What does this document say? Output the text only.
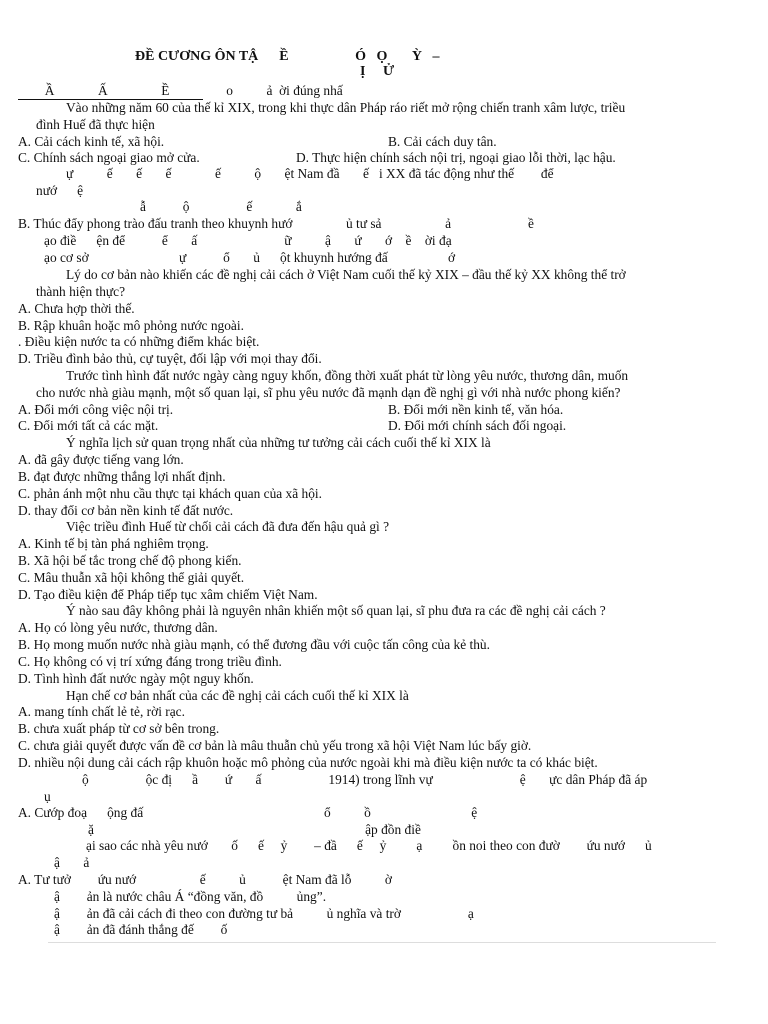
ĐỀ CƯƠNG ÔN TẬ      Ề                   Ó   Ọ       Ỳ   –
Ị     Ử
Ầ             Ấ                Ề                 o          ả  ời đúng nhấ
Vào những năm 60 của thế kỉ XIX, trong khi thực dân Pháp ráo riết mở rộng chiến tranh xâm lược, triều
đình Huế đã thực hiện
A. Cải cách kinh tế, xã hội.	B. Cải cách duy tân.
C. Chính sách ngoại giao mở cửa.	D. Thực hiện chính sách nội trị, ngoại giao lỗi thời, lạc hậu.
ự          ế       ế       ế             ế          ộ       ệt Nam đầ       ế   i XX đã tác động như thế        để
nướ      ệ
ẫ           ộ                 ế             ắ
B. Thúc đẩy phong trào đấu tranh theo khuynh hướ                ủ tư sả                   ả                       ề
ạo điề      ện để           ể       ấ                          ữ          ậ       ứ       ớ    ề    ời đạ
ạo cơ sở                           ự           ổ       ủ      ột khuynh hướng đấ                  ớ
Lý do cơ bản nào khiến các đề nghị cải cách ở Việt Nam cuối thế kỷ XIX – đầu thế kỷ XX không thể trở
thành hiện thực?
A. Chưa hợp thời thế.
B. Rập khuân hoặc mô phỏng nước ngoài.
. Điều kiện nước ta có những điểm khác biệt.
D. Triều đình bảo thủ, cự tuyệt, đối lập với mọi thay đổi.
Trước tình hình đất nước ngày càng nguy khốn, đồng thời xuất phát từ lòng yêu nước, thương dân, muốn
cho nước nhà giàu mạnh, một số quan lại, sĩ phu yêu nước đã mạnh dạn đề nghị gì với nhà nước phong kiến?
A. Đổi mới công việc nội trị.	B. Đổi mới nền kinh tế, văn hóa.
C. Đổi mới tất cả các mặt.	D. Đổi mới chính sách đối ngoại.
Ý nghĩa lịch sử quan trọng nhất của những tư tưởng cải cách cuối thế kỉ XIX là
A. đã gây được tiếng vang lớn.
B. đạt được những thắng lợi nhất định.
C. phản ánh một nhu cầu thực tại khách quan của xã hội.
D. thay đổi cơ bản nền kinh tế đất nước.
Việc triều đình Huế từ chối cải cách đã đưa đến hậu quả gì ?
A. Kinh tế bị tàn phá nghiêm trọng.
B. Xã hội bế tắc trong chế độ phong kiến.
C. Mâu thuẫn xã hội không thể giải quyết.
D. Tạo điều kiện để Pháp tiếp tục xâm chiếm Việt Nam.
Ý nào sau đây không phải là nguyên nhân khiến một số quan lại, sĩ phu đưa ra các đề nghị cải cách ?
A. Họ có lòng yêu nước, thương dân.
B. Họ mong muốn nước nhà giàu mạnh, có thể đương đầu với cuộc tấn công của kẻ thù.
C. Họ không có vị trí xứng đáng trong triều đình.
D. Tình hình đất nước ngày một nguy khốn.
Hạn chế cơ bản nhất của các đề nghị cải cách cuối thế kỉ XIX là
A. mang tính chất lẻ tẻ, rời rạc.
B. chưa xuất pháp từ cơ sở bên trong.
C. chưa giải quyết được vấn đề cơ bản là mâu thuẫn chủ yếu trong xã hội Việt Nam lúc bấy giờ.
D. nhiều nội dung cải cách rập khuôn hoặc mô phỏng của nước ngoài khi mà điều kiện nước ta có khác biệt.
ộ                 ộc đị      ầ        ứ       ấ                    1914) trong lĩnh vự                          ệ       ực dân Pháp đã áp
ụ
A. Cướp đoạ      ộng đấ                                                      ổ          ồ                              ệ
ặ                                                                                 ập đồn điề
ại sao các nhà yêu nướ       ố      ế     ỷ        – đầ      ế     ỷ         ạ         ồn noi theo con đườ        ứu nướ      ủ
ậ       ả
A. Tư tưở        ứu nướ                   ế          ủ           ệt Nam đã lỗ          ờ
ậ        ản là nước châu Á “đồng văn, đồ          ủng”.
ậ        ản đã cải cách đi theo con đường tư bả          ủ nghĩa và trờ                    ạ
ậ        ản đã đánh thắng đế        ố
